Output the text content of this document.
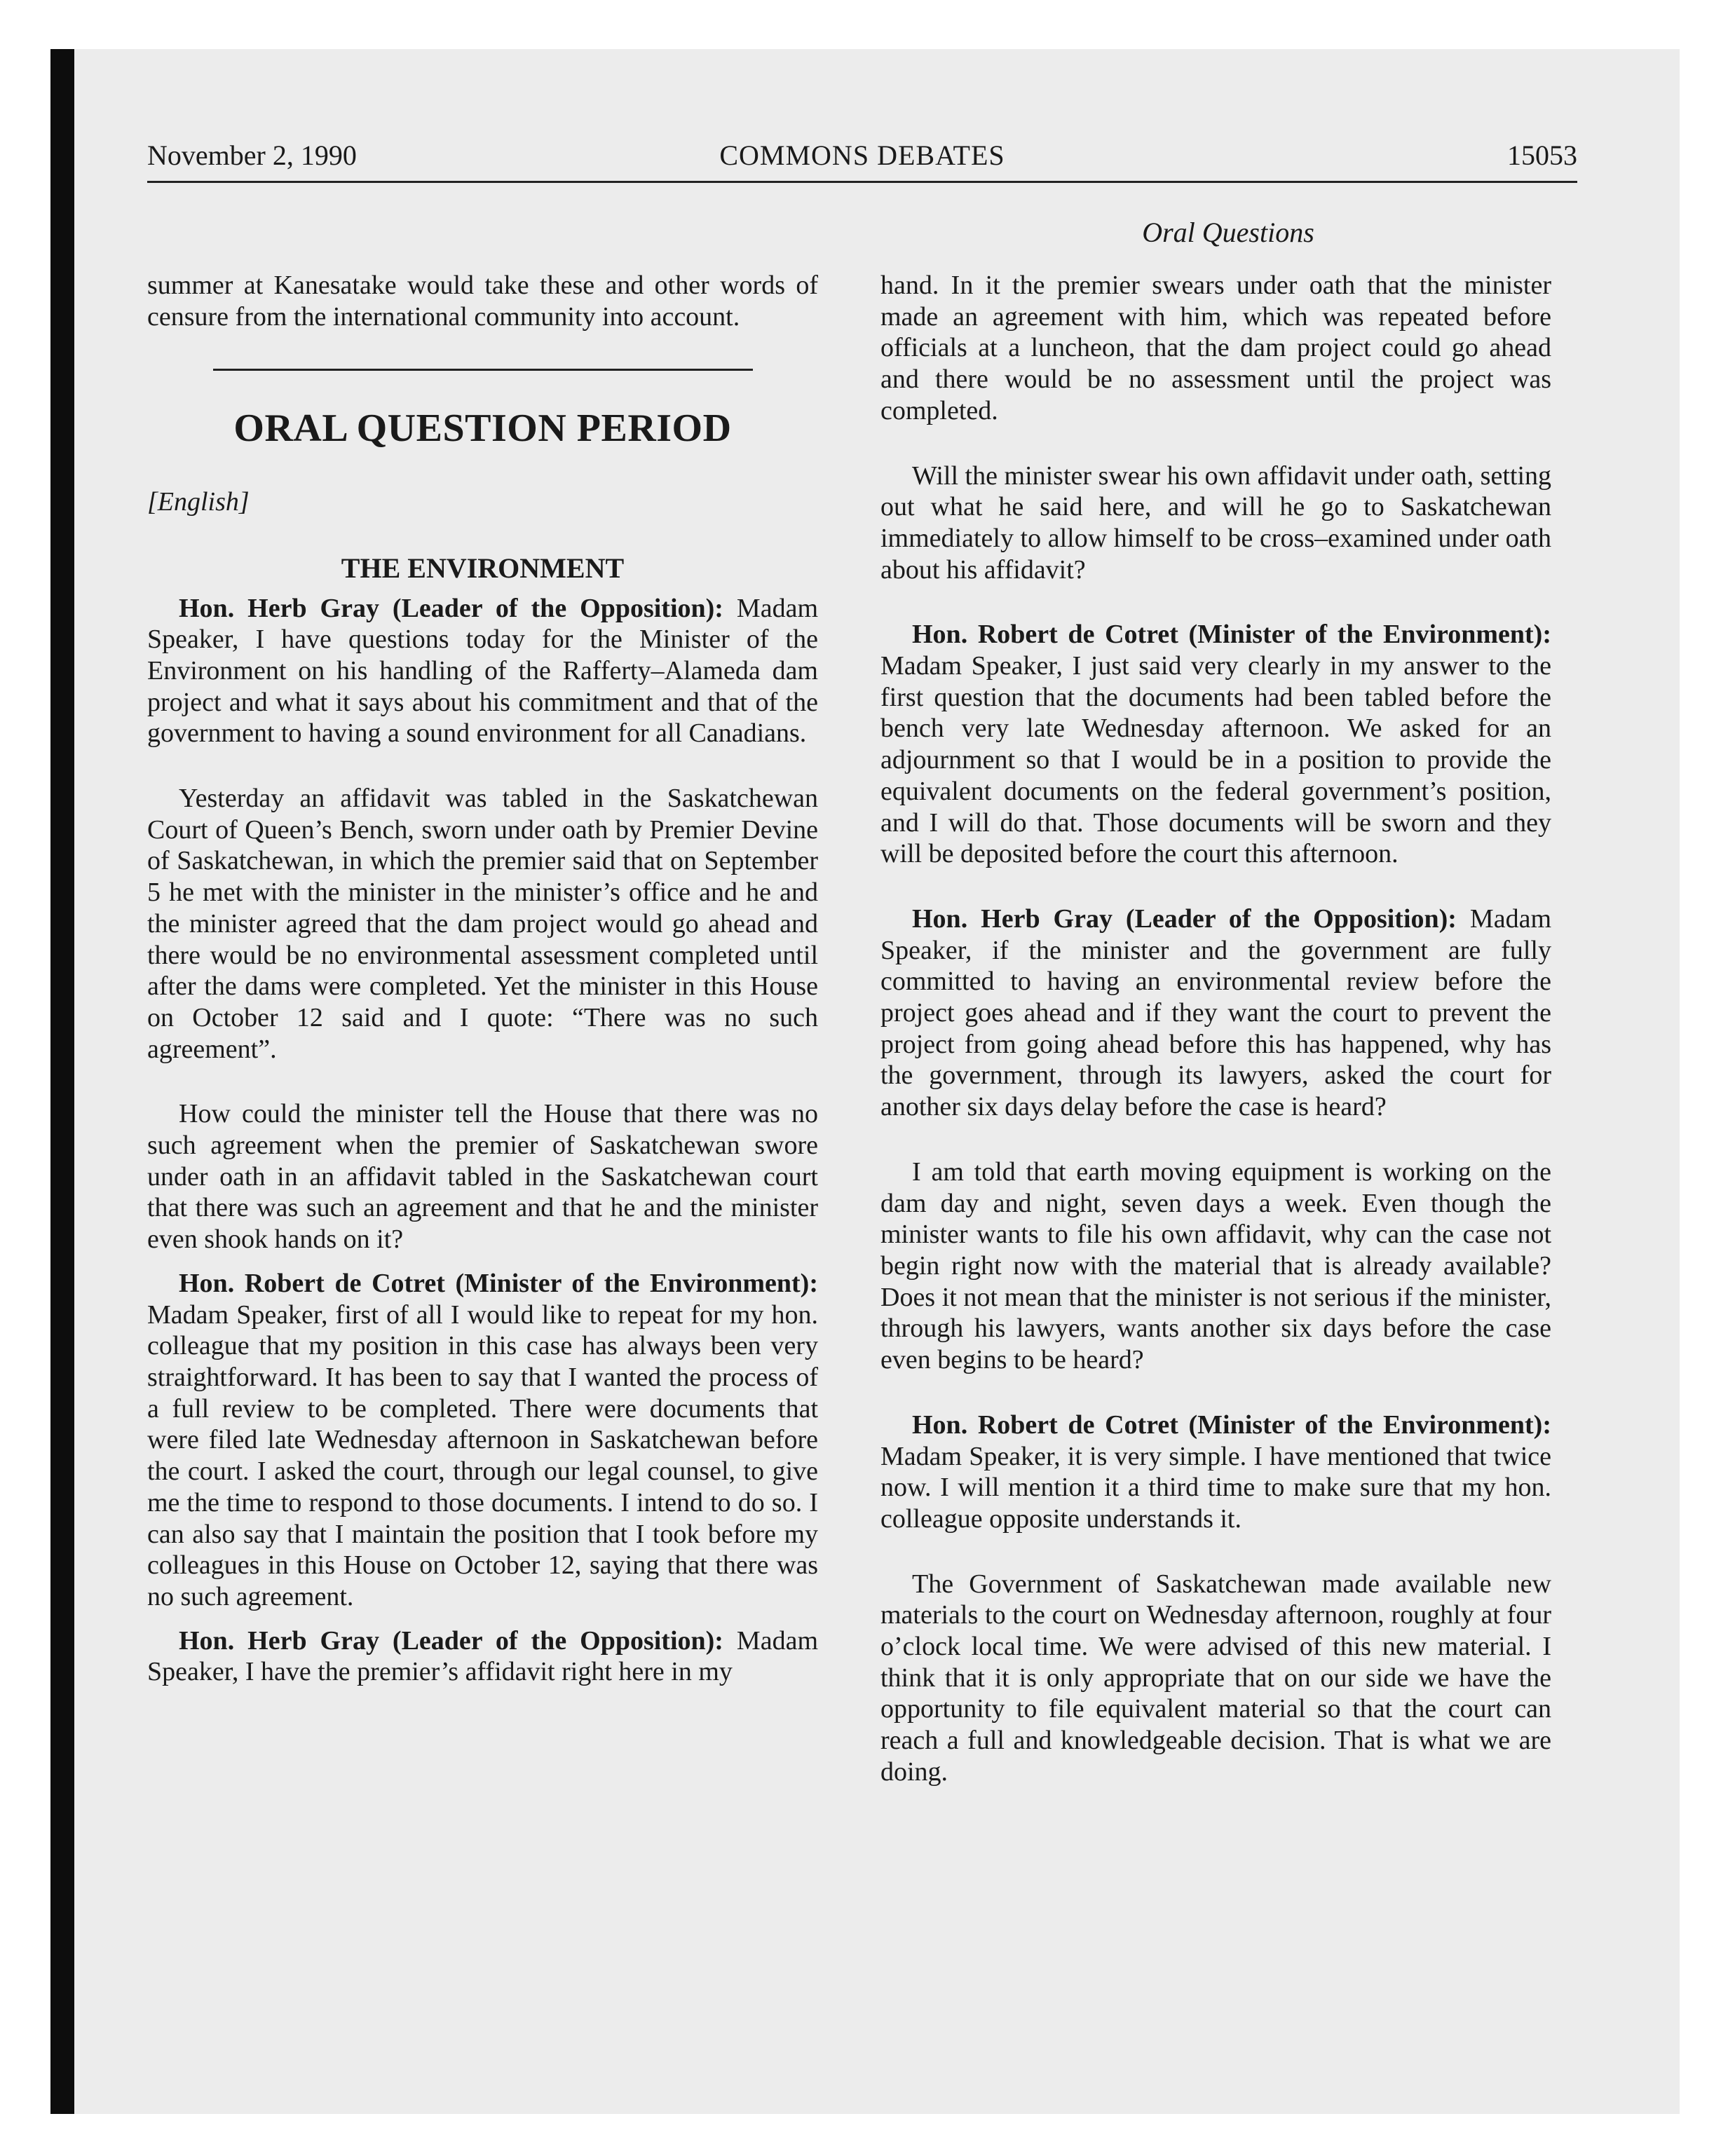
November 2, 1990	COMMONS DEBATES	15053
Oral Questions

summer at Kanesatake would take these and other words of censure from the international community into account.

ORAL QUESTION PERIOD
[English]
THE ENVIRONMENT

Hon. Herb Gray (Leader of the Opposition): Madam Speaker, I have questions today for the Minister of the Environment on his handling of the Rafferty–Alameda dam project and what it says about his commitment and that of the government to having a sound environment for all Canadians.

Yesterday an affidavit was tabled in the Saskatchewan Court of Queen’s Bench, sworn under oath by Premier Devine of Saskatchewan, in which the premier said that on September 5 he met with the minister in the minister’s office and he and the minister agreed that the dam project would go ahead and there would be no environmental assessment completed until after the dams were completed. Yet the minister in this House on October 12 said and I quote: “There was no such agreement”.

How could the minister tell the House that there was no such agreement when the premier of Saskatchewan swore under oath in an affidavit tabled in the Saskatchewan court that there was such an agreement and that he and the minister even shook hands on it?

Hon. Robert de Cotret (Minister of the Environment): Madam Speaker, first of all I would like to repeat for my hon. colleague that my position in this case has always been very straightforward. It has been to say that I wanted the process of a full review to be completed. There were documents that were filed late Wednesday afternoon in Saskatchewan before the court. I asked the court, through our legal counsel, to give me the time to respond to those documents. I intend to do so. I can also say that I maintain the position that I took before my colleagues in this House on October 12, saying that there was no such agreement.

Hon. Herb Gray (Leader of the Opposition): Madam Speaker, I have the premier’s affidavit right here in my

hand. In it the premier swears under oath that the minister made an agreement with him, which was repeated before officials at a luncheon, that the dam project could go ahead and there would be no assessment until the project was completed.

Will the minister swear his own affidavit under oath, setting out what he said here, and will he go to Saskatchewan immediately to allow himself to be cross–examined under oath about his affidavit?

Hon. Robert de Cotret (Minister of the Environment): Madam Speaker, I just said very clearly in my answer to the first question that the documents had been tabled before the bench very late Wednesday afternoon. We asked for an adjournment so that I would be in a position to provide the equivalent documents on the federal government’s position, and I will do that. Those documents will be sworn and they will be deposited before the court this afternoon.

Hon. Herb Gray (Leader of the Opposition): Madam Speaker, if the minister and the government are fully committed to having an environmental review before the project goes ahead and if they want the court to prevent the project from going ahead before this has happened, why has the government, through its lawyers, asked the court for another six days delay before the case is heard?

I am told that earth moving equipment is working on the dam day and night, seven days a week. Even though the minister wants to file his own affidavit, why can the case not begin right now with the material that is already available? Does it not mean that the minister is not serious if the minister, through his lawyers, wants another six days before the case even begins to be heard?

Hon. Robert de Cotret (Minister of the Environment): Madam Speaker, it is very simple. I have mentioned that twice now. I will mention it a third time to make sure that my hon. colleague opposite understands it.

The Government of Saskatchewan made available new materials to the court on Wednesday afternoon, roughly at four o’clock local time. We were advised of this new material. I think that it is only appropriate that on our side we have the opportunity to file equivalent material so that the court can reach a full and knowledgeable decision. That is what we are doing.
